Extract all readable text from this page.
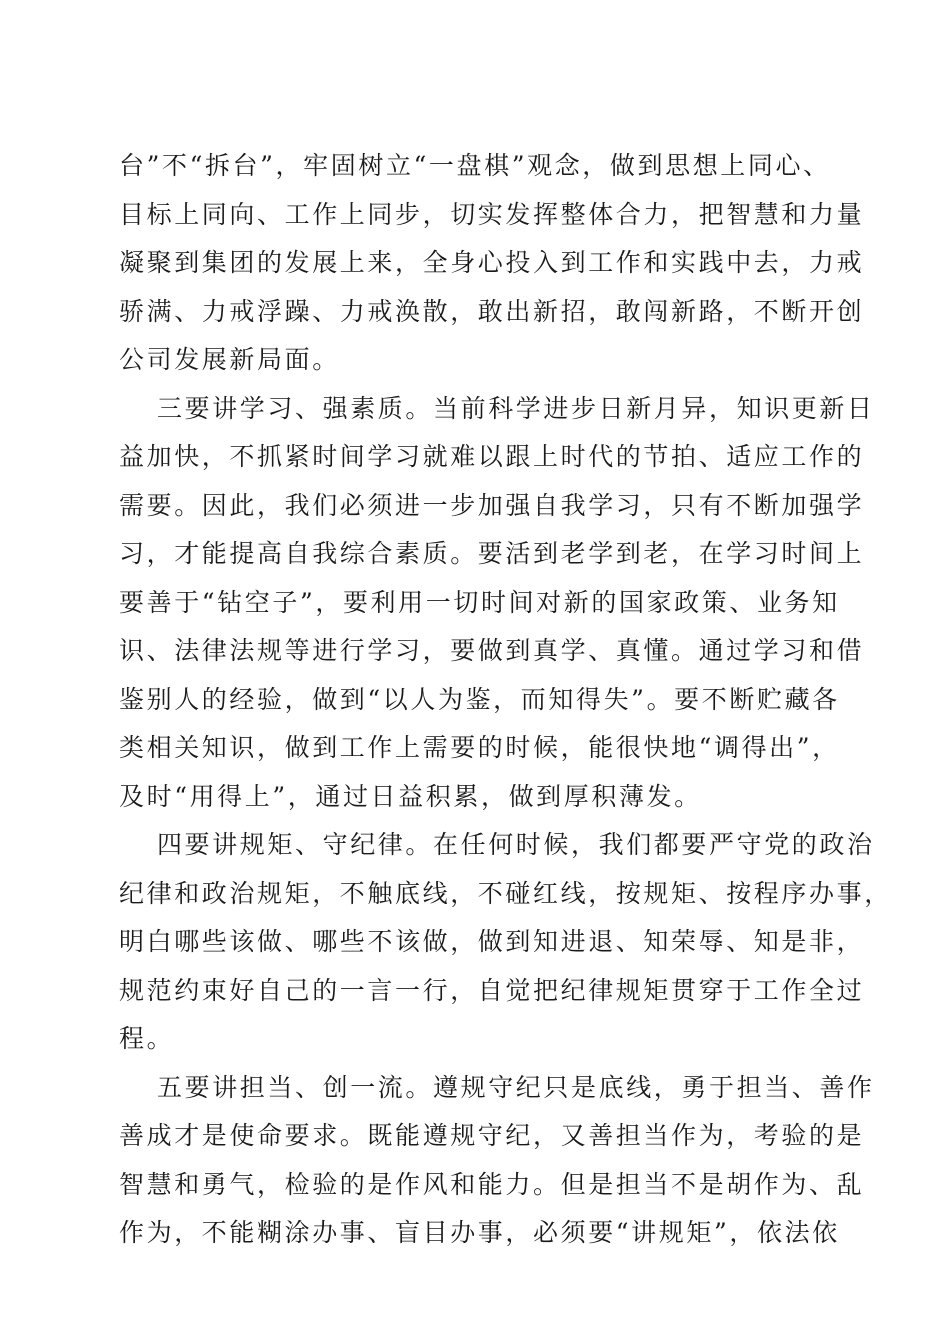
台”不“拆台”，牢固树立“一盘棋”观念，做到思想上同心、
目标上同向、工作上同步，切实发挥整体合力，把智慧和力量
凝聚到集团的发展上来，全身心投入到工作和实践中去，力戒
骄满、力戒浮躁、力戒涣散，敢出新招，敢闯新路，不断开创
公司发展新局面。
三要讲学习、强素质。当前科学进步日新月异，知识更新日
益加快，不抓紧时间学习就难以跟上时代的节拍、适应工作的
需要。因此，我们必须进一步加强自我学习，只有不断加强学
习，才能提高自我综合素质。要活到老学到老，在学习时间上
要善于“钻空子”，要利用一切时间对新的国家政策、业务知
识、法律法规等进行学习，要做到真学、真懂。通过学习和借
鉴别人的经验，做到“以人为鉴，而知得失”。要不断贮藏各
类相关知识，做到工作上需要的时候，能很快地“调得出”，
及时“用得上”，通过日益积累，做到厚积薄发。
四要讲规矩、守纪律。在任何时候，我们都要严守党的政治
纪律和政治规矩，不触底线，不碰红线，按规矩、按程序办事，
明白哪些该做、哪些不该做，做到知进退、知荣辱、知是非，
规范约束好自己的一言一行，自觉把纪律规矩贯穿于工作全过
程。
五要讲担当、创一流。遵规守纪只是底线，勇于担当、善作
善成才是使命要求。既能遵规守纪，又善担当作为，考验的是
智慧和勇气，检验的是作风和能力。但是担当不是胡作为、乱
作为，不能糊涂办事、盲目办事，必须要“讲规矩”，依法依
